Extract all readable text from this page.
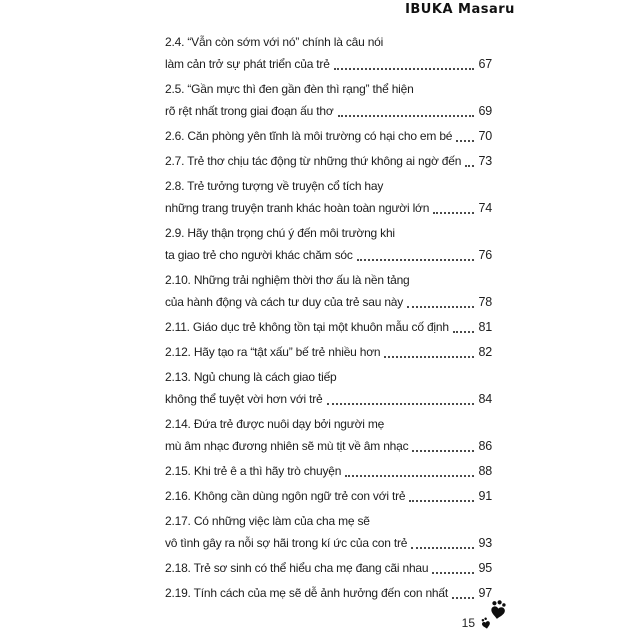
IBUKA Masaru
2.4. “Vẫn còn sớm với nó” chính là câu nói
làm cản trở sự phát triển của trẻ	67
2.5. “Gần mực thì đen gần đèn thì rạng” thể hiện
rõ rệt nhất trong giai đoạn ấu thơ	69
2.6. Căn phòng yên tĩnh là môi trường có hại cho em bé 70
2.7. Trẻ thơ chịu tác động từ những thứ không ai ngờ đến 73
2.8. Trẻ tưởng tượng về truyện cổ tích hay
những trang truyện tranh khác hoàn toàn người lớn	74
2.9. Hãy thận trọng chú ý đến môi trường khi
ta giao trẻ cho người khác chăm sóc	76
2.10. Những trải nghiệm thời thơ ấu là nền tảng
của hành động và cách tư duy của trẻ sau này	78
2.11. Giáo dục trẻ không tồn tại một khuôn mẫu cố định 81
2.12. Hãy tạo ra “tật xấu” bế trẻ nhiều hơn	82
2.13. Ngủ chung là cách giao tiếp
không thể tuyệt vời hơn với trẻ	84
2.14. Đứa trẻ được nuôi dạy bởi người mẹ
mù âm nhạc đương nhiên sẽ mù tịt về âm nhạc	86
2.15. Khi trẻ ê a thì hãy trò chuyện	88
2.16. Không cần dùng ngôn ngữ trẻ con với trẻ	91
2.17. Có những việc làm của cha mẹ sẽ
vô tình gây ra nỗi sợ hãi trong kí ức của con trẻ	93
2.18. Trẻ sơ sinh có thể hiểu cha mẹ đang cãi nhau	95
2.19. Tính cách của mẹ sẽ dễ ảnh hưởng đến con nhất 97
15
